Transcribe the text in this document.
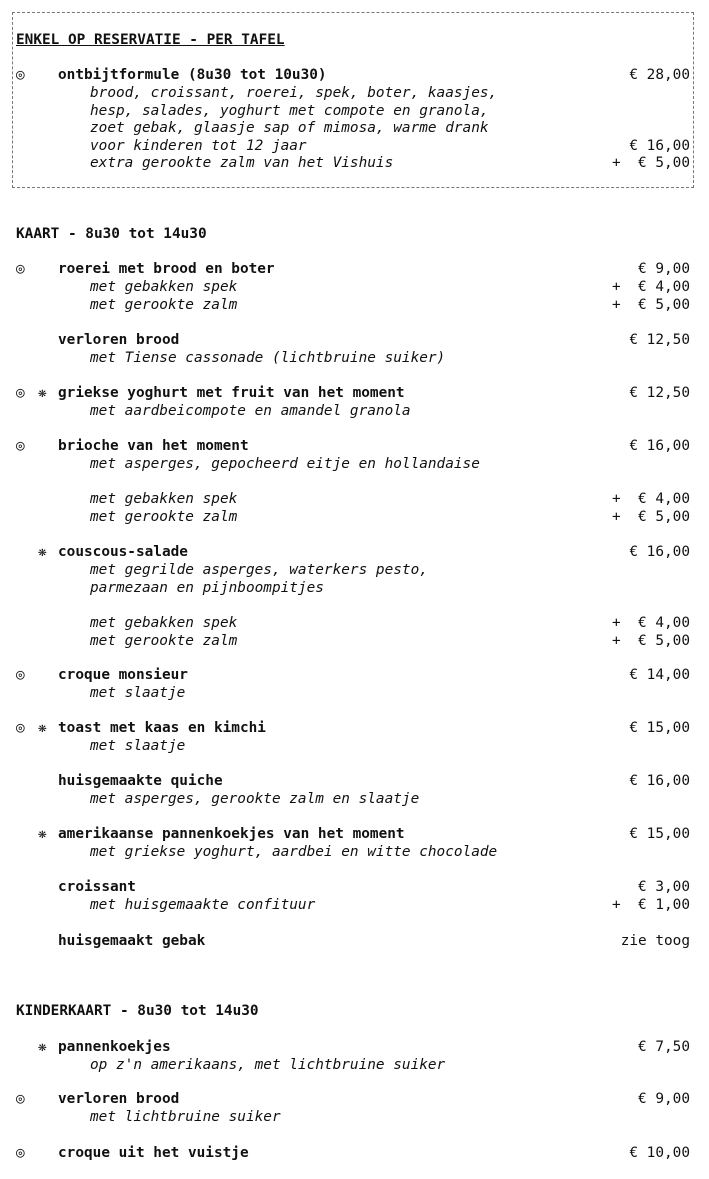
ENKEL OP RESERVATIE - PER TAFEL
◎ ontbijtformule (8u30 tot 10u30)	€ 28,00
brood, croissant, roerei, spek, boter, kaasjes,
hesp, salades, yoghurt met compote en granola,
zoet gebak, glaasje sap of mimosa, warme drank
voor kinderen tot 12 jaar	€ 16,00
extra gerookte zalm van het Vishuis	+  € 5,00
KAART - 8u30 tot 14u30
◎ roerei met brood en boter	€ 9,00
met gebakken spek	+  € 4,00
met gerookte zalm	+  € 5,00
verloren brood	€ 12,50
met Tiense cassonade (lichtbruine suiker)
◎ ❋ griekse yoghurt met fruit van het moment	€ 12,50
met aardbeicompote en amandel granola
◎ brioche van het moment	€ 16,00
met asperges, gepocheerd eitje en hollandaise
met gebakken spek	+  € 4,00
met gerookte zalm	+  € 5,00
❋ couscous-salade	€ 16,00
met gegrilde asperges, waterkers pesto,
parmezaan en pijnboompitjes
met gebakken spek	+  € 4,00
met gerookte zalm	+  € 5,00
◎ croque monsieur	€ 14,00
met slaatje
◎ ❋ toast met kaas en kimchi	€ 15,00
met slaatje
huisgemaakte quiche	€ 16,00
met asperges, gerookte zalm en slaatje
❋ amerikaanse pannenkoekjes van het moment	€ 15,00
met griekse yoghurt, aardbei en witte chocolade
croissant	€ 3,00
met huisgemaakte confituur	+  € 1,00
huisgemaakt gebak	zie toog
KINDERKAART - 8u30 tot 14u30
❋ pannenkoekjes	€ 7,50
op z'n amerikaans, met lichtbruine suiker
◎ verloren brood	€ 9,00
met lichtbruine suiker
◎ croque uit het vuistje	€ 10,00
